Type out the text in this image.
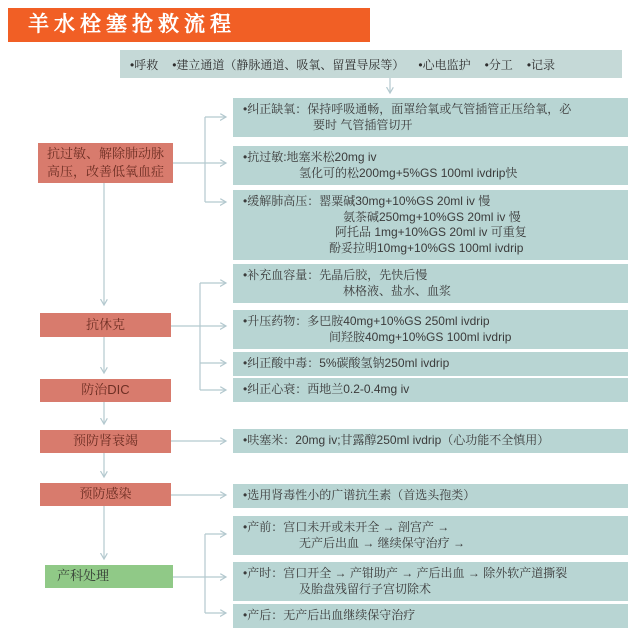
羊水栓塞抢救流程
•呼救 •建立通道（静脉通道、吸氧、留置导尿等） •心电监护 •分工 •记录
抗过敏、解除肺动脉
高压，改善低氧血症
抗休克
防治DIC
预防肾衰竭
预防感染
产科处理
•纠正缺氧：保持呼吸通畅，面罩给氧或气管插管正压给氧，必
要时 气管插管切开
•抗过敏:地塞米松20mg iv
氢化可的松200mg+5%GS 100ml ivdrip快
•缓解肺高压：罂粟碱30mg+10%GS 20ml iv 慢
氨茶碱250mg+10%GS 20ml iv 慢
阿托品 1mg+10%GS 20ml iv 可重复
酚妥拉明10mg+10%GS 100ml ivdrip
•补充血容量：先晶后胶，先快后慢
林格液、盐水、血浆
•升压药物：多巴胺40mg+10%GS 250ml ivdrip
间羟胺40mg+10%GS 100ml ivdrip
•纠正酸中毒：5%碳酸氢钠250ml ivdrip
•纠正心衰：西地兰0.2-0.4mg iv
•呋塞米：20mg iv;甘露醇250ml ivdrip（心功能不全慎用）
•选用肾毒性小的广谱抗生素（首选头孢类）
•产前：宫口未开或未开全 → 剖宫产 →
无产后出血 → 继续保守治疗 →
•产时：宫口开全 → 产钳助产 → 产后出血 → 除外软产道撕裂
及胎盘残留行子宫切除术
•产后：无产后出血继续保守治疗
